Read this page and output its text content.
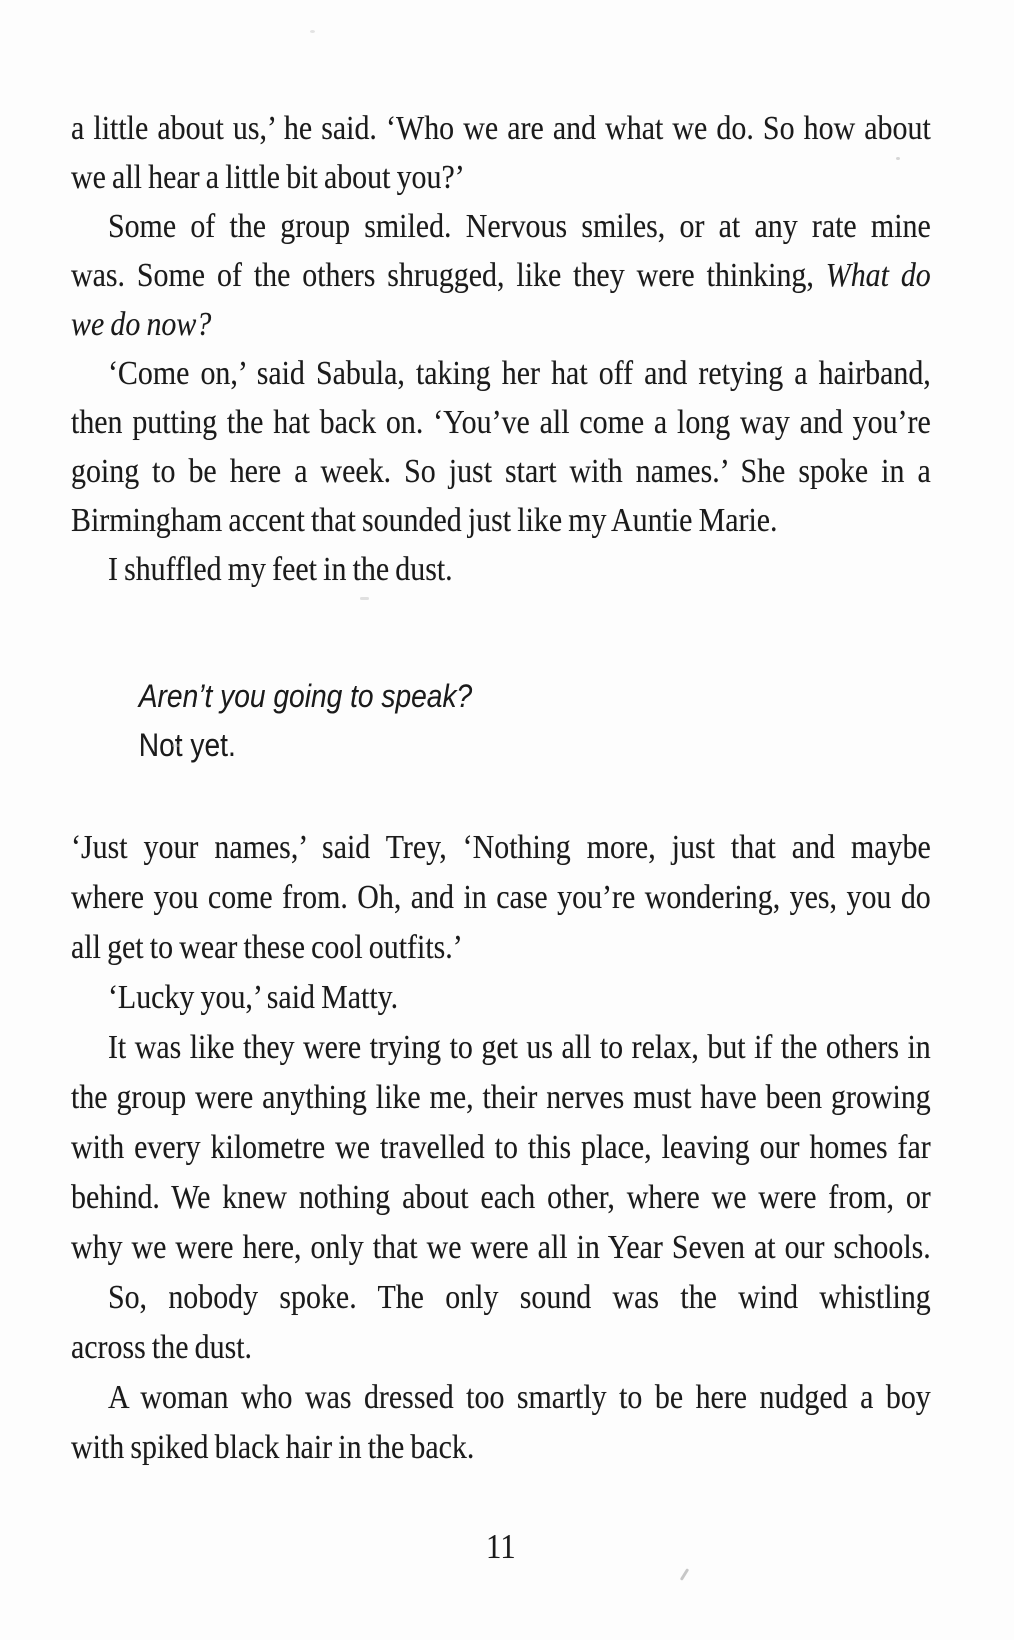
a little about us,’ he said. ‘Who we are and what we do. So how about
we all hear a little bit about you?’
Some of the group smiled. Nervous smiles, or at any rate mine
was. Some of the others shrugged, like they were thinking, What do
we do now?
‘Come on,’ said Sabula, taking her hat off and retying a hairband,
then putting the hat back on. ‘You’ve all come a long way and you’re
going to be here a week. So just start with names.’ She spoke in a
Birmingham accent that sounded just like my Auntie Marie.
I shuffled my feet in the dust.
Aren’t you going to speak?
Not yet.
‘Just your names,’ said Trey, ‘Nothing more, just that and maybe
where you come from. Oh, and in case you’re wondering, yes, you do
all get to wear these cool outfits.’
‘Lucky you,’ said Matty.
It was like they were trying to get us all to relax, but if the others in
the group were anything like me, their nerves must have been growing
with every kilometre we travelled to this place, leaving our homes far
behind. We knew nothing about each other, where we were from, or
why we were here, only that we were all in Year Seven at our schools.
So, nobody spoke. The only sound was the wind whistling
across the dust.
A woman who was dressed too smartly to be here nudged a boy
with spiked black hair in the back.
11
